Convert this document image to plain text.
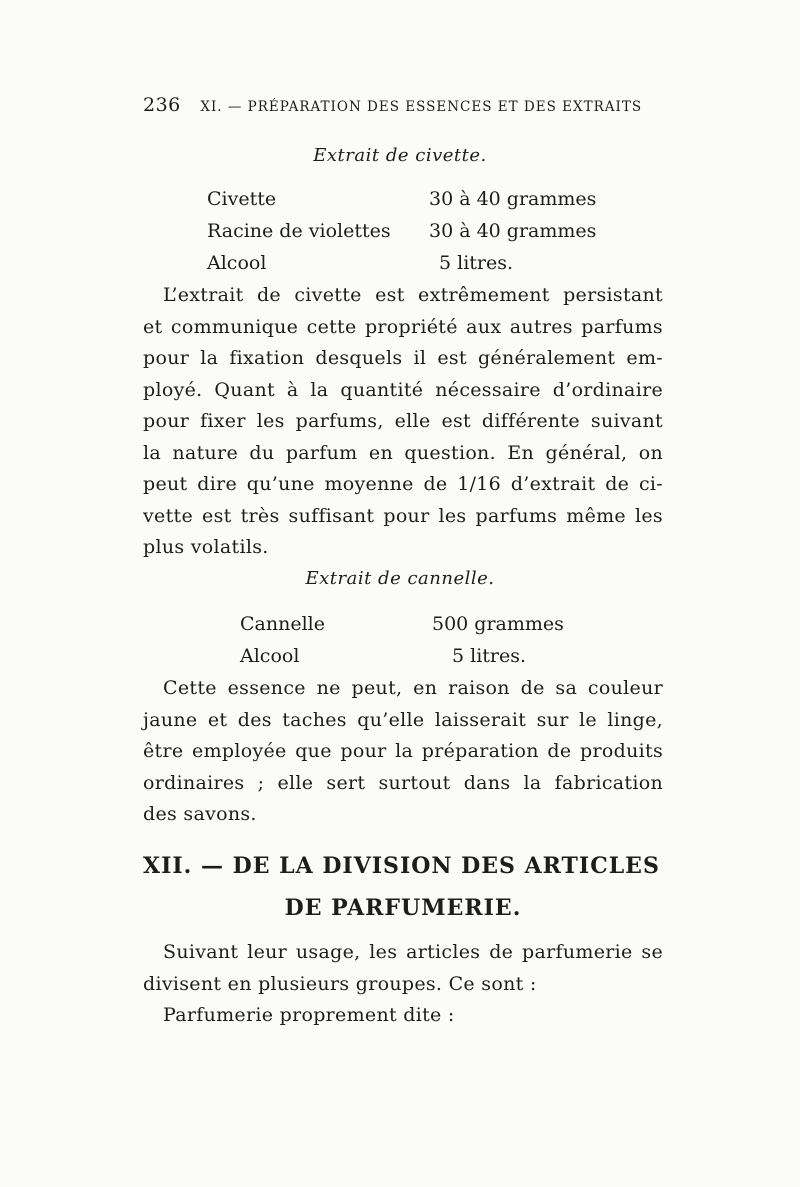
236 XI. — PRÉPARATION DES ESSENCES ET DES EXTRAITS
Extrait de civette.
Civette	30 à 40 grammes
Racine de violettes	30 à 40 grammes
Alcool	5 litres.
L’extrait de civette est extrêmement persistant
et communique cette propriété aux autres parfums
pour la fixation desquels il est généralement em-
ployé. Quant à la quantité nécessaire d’ordinaire
pour fixer les parfums, elle est différente suivant
la nature du parfum en question. En général, on
peut dire qu’une moyenne de 1/16 d’extrait de ci-
vette est très suffisant pour les parfums même les
plus volatils.
Extrait de cannelle.
Cannelle	500 grammes
Alcool	5 litres.
Cette essence ne peut, en raison de sa couleur
jaune et des taches qu’elle laisserait sur le linge,
être employée que pour la préparation de produits
ordinaires ; elle sert surtout dans la fabrication
des savons.
XII. — DE LA DIVISION DES ARTICLES
DE PARFUMERIE.
Suivant leur usage, les articles de parfumerie se
divisent en plusieurs groupes. Ce sont :
Parfumerie proprement dite :
